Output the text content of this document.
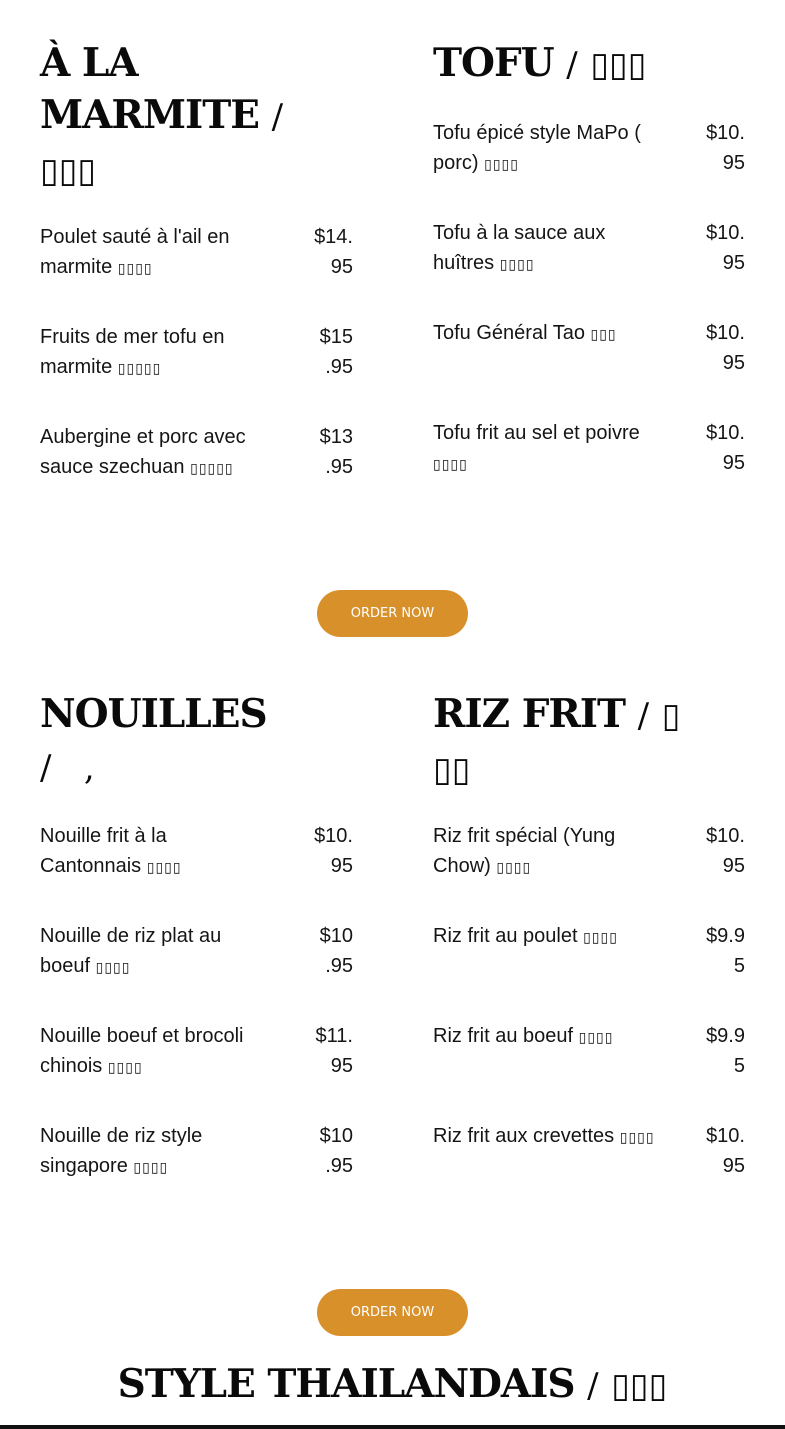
À LA
MARMITE /
▯▯▯
Poulet sauté à l'ail en
marmite ▯▯▯▯
$14.
95
Fruits de mer tofu en
marmite ▯▯▯▯▯
$15
.95
Aubergine et porc avec
sauce szechuan ▯▯▯▯▯
$13
.95
TOFU / ▯▯▯
Tofu épicé style MaPo (
porc) ▯▯▯▯
$10.
95
Tofu à la sauce aux
huîtres ▯▯▯▯
$10.
95
Tofu Général Tao ▯▯▯	$10.
95
Tofu frit au sel et poivre
▯▯▯▯
$10.
95
ORDER NOW
NOUILLES
/   ,
Nouille frit à la
Cantonnais ▯▯▯▯
$10.
95
Nouille de riz plat au
boeuf ▯▯▯▯
$10
.95
Nouille boeuf et brocoli
chinois ▯▯▯▯
$11.
95
Nouille de riz style
singapore ▯▯▯▯
$10
.95
RIZ FRIT / ▯
▯▯
Riz frit spécial (Yung
Chow) ▯▯▯▯
$10.
95
Riz frit au poulet ▯▯▯▯	$9.9
5
Riz frit au boeuf ▯▯▯▯	$9.9
5
Riz frit aux crevettes ▯▯▯▯	$10.
95
ORDER NOW
STYLE THAILANDAIS / ▯▯▯
